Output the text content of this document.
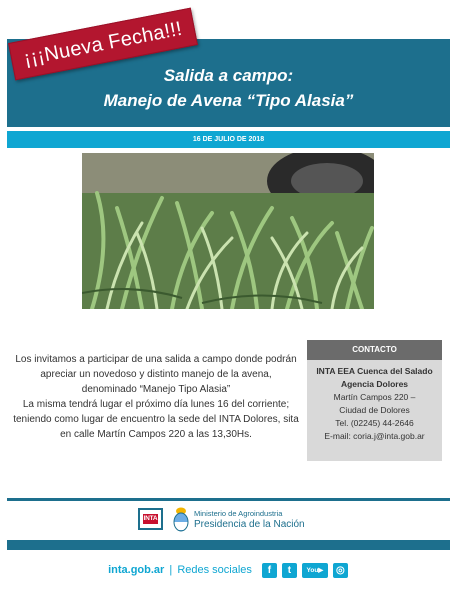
Salida a campo:
Manejo de Avena “Tipo Alasia”
¡¡¡Nueva Fecha!!!
16 DE JULIO DE 2018

Los invitamos a participar de una salida a campo donde podrán apreciar un novedoso y distinto manejo de la avena, denominado “Manejo Tipo Alasia”

La misma tendrá lugar el próximo día lunes 16 del corriente; teniendo como lugar de encuentro la sede del INTA Dolores, sita en calle Martín Campos 220 a las 13,30Hs.

CONTACTO
INTA EEA Cuenca del Salado
Agencia Dolores
Martín Campos 220 –
Ciudad de Dolores
Tel. (02245) 44-2646
E-mail: coria.j@inta.gob.ar
INTA
Ministerio de Agroindustria
Presidencia de la Nación
inta.gob.ar | Redes sociales	f	t	You▶	◎
